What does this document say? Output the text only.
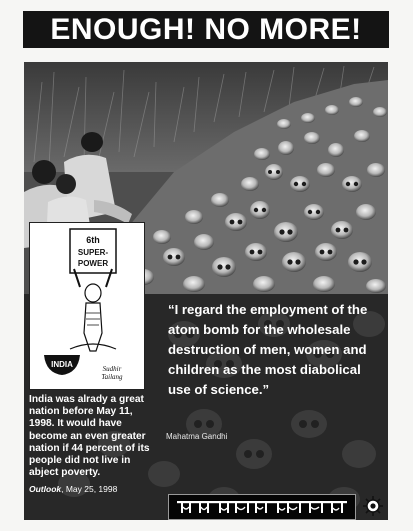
ENOUGH! NO MORE!
6th
SUPER-
POWER
INDIA	Sudhir
Tailang
“I regard the employment of the atom bomb for the wholesale destruction of men, women and children as the most diabolical use of science.”
Mahatma Gandhi
India was alrady a great nation before May 11, 1998. It would have become an even greater nation if 44 percent of its people did not live in abject poverty.
Outlook, May 25, 1998
